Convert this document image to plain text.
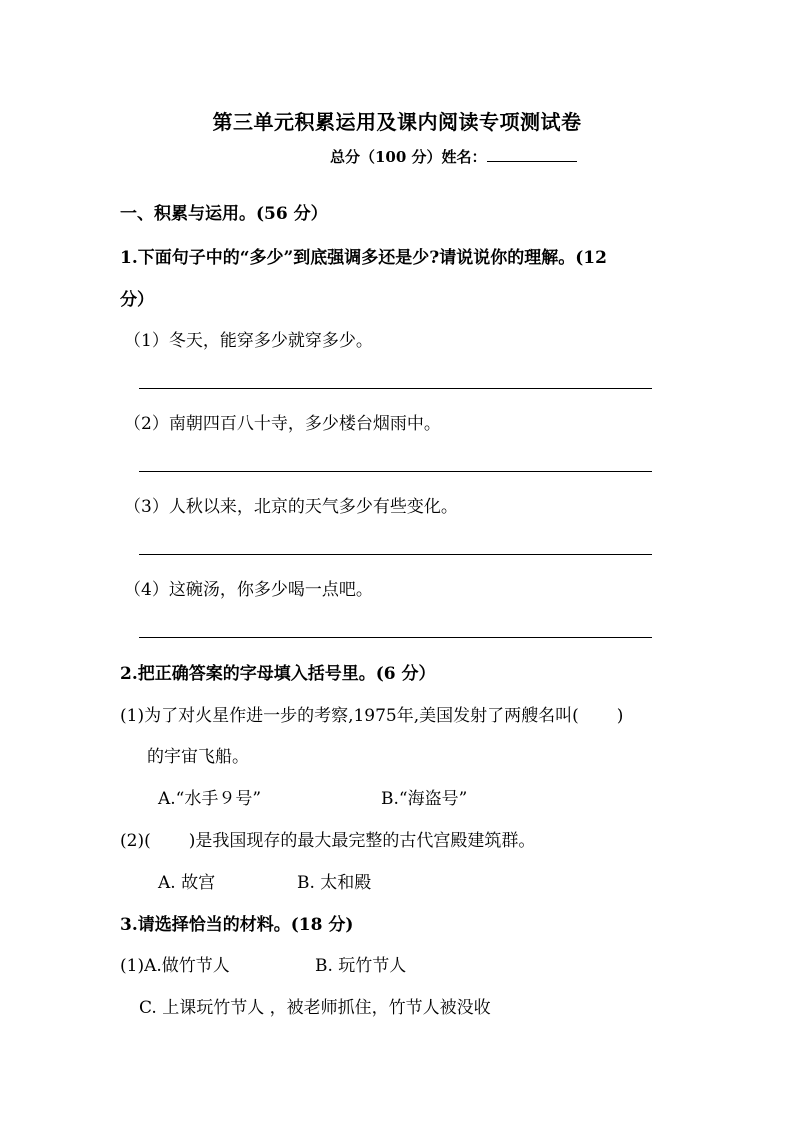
第三单元积累运用及课内阅读专项测试卷
总分（100 分）姓名：
一、积累与运用。(56 分）
1.下面句子中的“多少”到底强调多还是少?请说说你的理解。(12
分）
（1）冬天，能穿多少就穿多少。
（2）南朝四百八十寺，多少楼台烟雨中。
（3）人秋以来，北京的天气多少有些变化。
（4）这碗汤，你多少喝一点吧。
2.把正确答案的字母填入括号里。(6 分）
(1)为了对火星作进一步的考察,1975年,美国发射了两艘名叫( )
的宇宙飞船。
A.“水手９号”	B.“海盗号”
(2)( )是我国现存的最大最完整的古代宫殿建筑群。
A. 故宫	B. 太和殿
3.请选择恰当的材料。(18 分)
(1)A.做竹节人	B. 玩竹节人
C. 上课玩竹节人 ，被老师抓住，竹节人被没收
